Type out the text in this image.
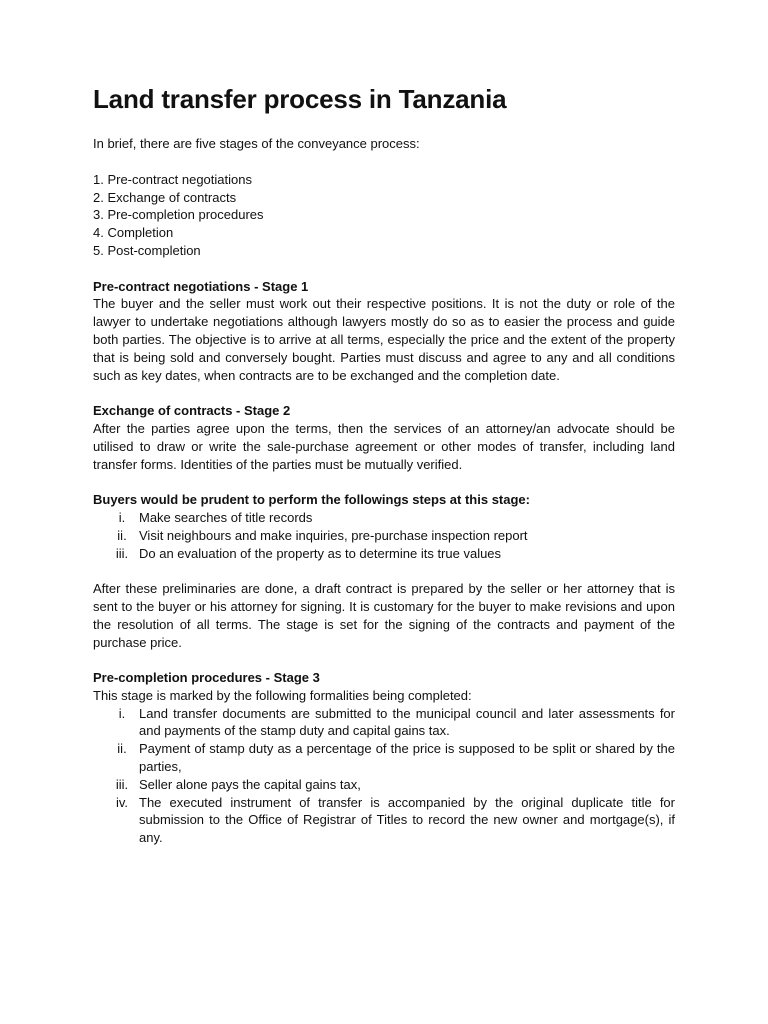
Land transfer process in Tanzania

In brief, there are five stages of the conveyance process:

1. Pre-contract negotiations
2. Exchange of contracts
3. Pre-completion procedures
4. Completion
5. Post-completion
Pre-contract negotiations - Stage 1

The buyer and the seller must work out their respective positions. It is not the duty or role of the lawyer to undertake negotiations although lawyers mostly do so as to easier the process and guide both parties. The objective is to arrive at all terms, especially the price and the extent of the property that is being sold and conversely bought. Parties must discuss and agree to any and all conditions such as key dates, when contracts are to be exchanged and the completion date.

Exchange of contracts - Stage 2

After the parties agree upon the terms, then the services of an attorney/an advocate should be utilised to draw or write the sale-purchase agreement or other modes of transfer, including land transfer forms. Identities of the parties must be mutually verified.

Buyers would be prudent to perform the followings steps at this stage:
i.	Make searches of title records
ii. Visit neighbours and make inquiries, pre-purchase inspection report
iii. Do an evaluation of the property as to determine its true values

After these preliminaries are done, a draft contract is prepared by the seller or her attorney that is sent to the buyer or his attorney for signing. It is customary for the buyer to make revisions and upon the resolution of all terms. The stage is set for the signing of the contracts and payment of the purchase price.

Pre-completion procedures - Stage 3

This stage is marked by the following formalities being completed:

i.	Land transfer documents are submitted to the municipal council and later assessments for and payments of the stamp duty and capital gains tax.
ii. Payment of stamp duty as a percentage of the price is supposed to be split or shared by the parties,
iii. Seller alone pays the capital gains tax,
iv. The executed instrument of transfer is accompanied by the original duplicate title for submission to the Office of Registrar of Titles to record the new owner and mortgage(s), if any.
